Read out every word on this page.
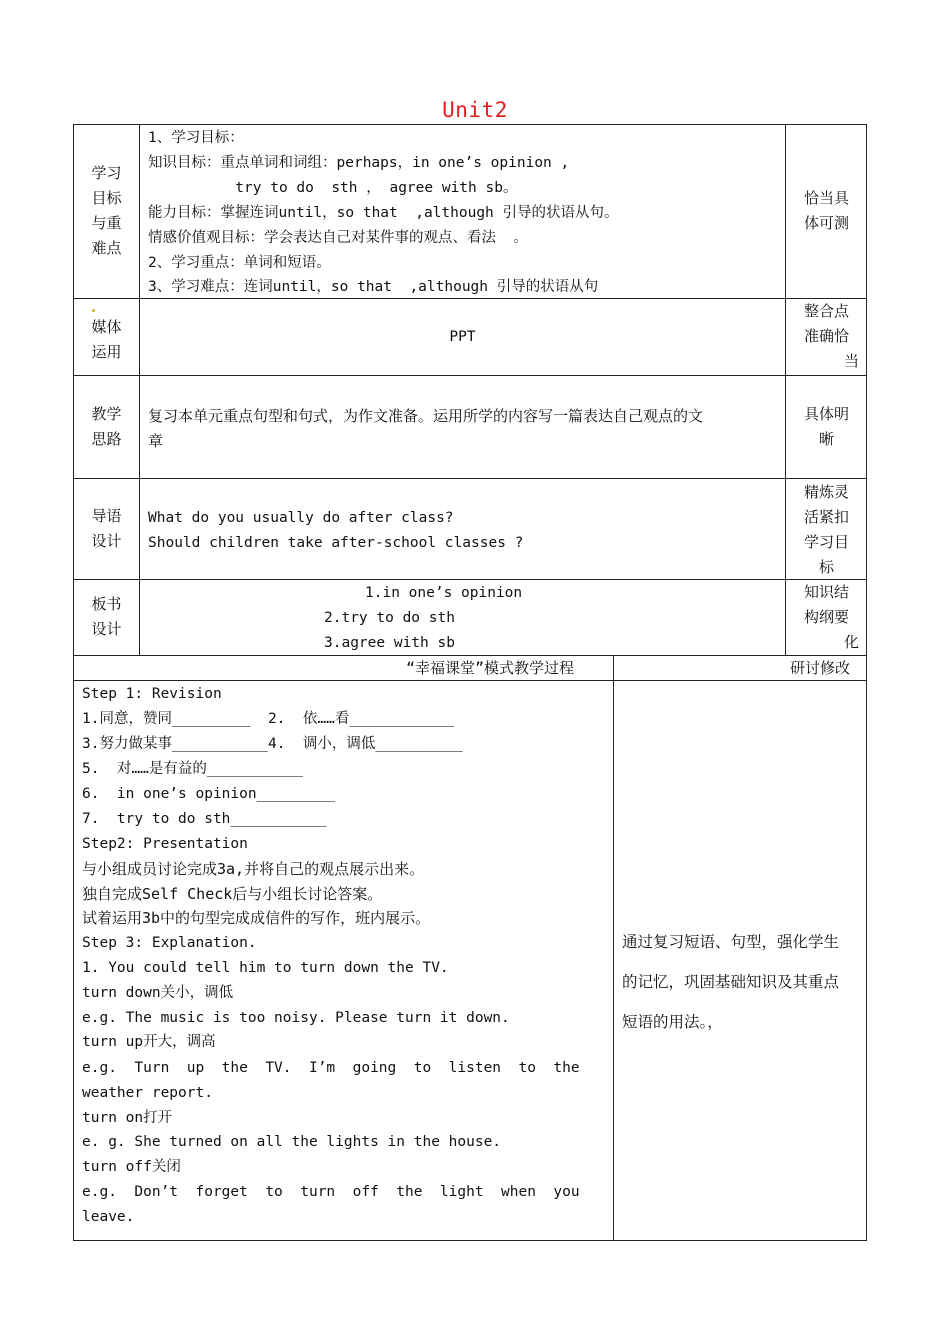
Unit2
学习
目标
与重
难点
1、学习目标：
知识目标：重点单词和词组：perhaps，in one’s opinion ,
try to do  sth ， agree with sb。
能力目标：掌握连词until，so that  ,although 引导的状语从句。
情感价值观目标：学会表达自己对某件事的观点、看法  。
2、学习重点：单词和短语。
3、学习难点：连词until，so that  ,although 引导的状语从句
恰当具
体可测
媒体
运用
PPT
整合点
准确恰
当
教学
思路
复习本单元重点句型和句式，为作文准备。运用所学的内容写一篇表达自己观点的文
章
具体明
晰
导语
设计
What do you usually do after class?
Should children take after-school classes ?
精炼灵
活紧扣
学习目
标
板书
设计
1.in one’s opinion
2.try to do sth
3.agree with sb
知识结
构纲要
化
“幸福课堂”模式教学过程	研讨修改
Step 1: Revision
1.同意，赞同_________  2.  依……看____________
3.努力做某事___________4.  调小，调低__________
5.  对……是有益的___________
6.  in one’s opinion_________
7.  try to do sth___________
Step2: Presentation
与小组成员讨论完成3a,并将自己的观点展示出来。
独自完成Self Check后与小组长讨论答案。
试着运用3b中的句型完成成信件的写作，班内展示。
Step 3: Explanation.
1. You could tell him to turn down the TV.
turn down关小，调低
e.g. The music is too noisy. Please turn it down.
turn up开大，调高
e.g.  Turn  up  the  TV.  I’m  going  to  listen  to  the
weather report.
turn on打开
e. g. She turned on all the lights in the house.
turn off关闭
e.g.  Don’t  forget  to  turn  off  the  light  when  you
leave.
通过复习短语、句型，强化学生
的记忆，巩固基础知识及其重点
短语的用法。，
